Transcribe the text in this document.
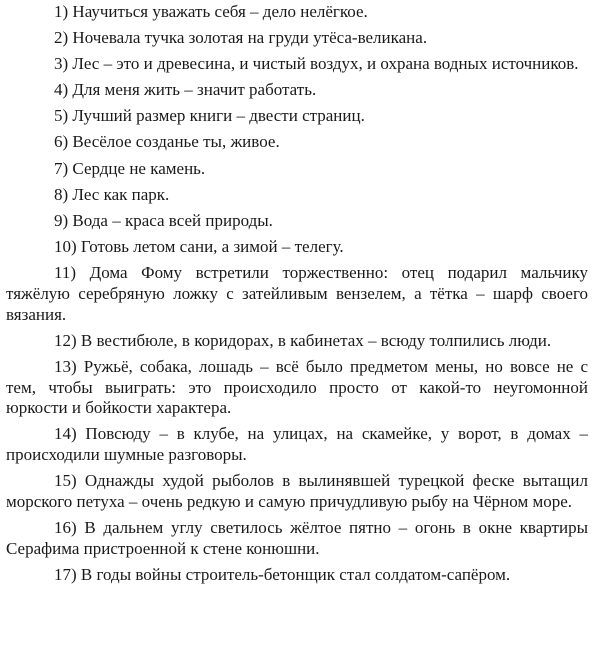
1) Научиться уважать себя – дело нелёгкое.

2) Ночевала тучка золотая на груди утёса-великана.

3) Лес – это и древесина, и чистый воздух, и охрана водных источников.

4) Для меня жить – значит работать.

5) Лучший размер книги – двести страниц.

6) Весёлое созданье ты, живое.

7) Сердце не камень.

8) Лес как парк.

9) Вода – краса всей природы.

10) Готовь летом сани, а зимой – телегу.

11) Дома Фому встретили торжественно: отец подарил мальчику тяжёлую серебряную ложку с затейливым вензелем, а тётка – шарф своего вязания.

12) В вестибюле, в коридорах, в кабинетах – всюду толпились люди.

13) Ружьё, собака, лошадь – всё было предметом мены, но вовсе не с тем, чтобы выиграть: это происходило просто от какой-то неугомонной юркости и бойкости характера.

14) Повсюду – в клубе, на улицах, на скамейке, у ворот, в домах – происходили шумные разговоры.

15) Однажды худой рыболов в вылинявшей турецкой феске вытащил морского петуха – очень редкую и самую причудливую рыбу на Чёрном море.

16) В дальнем углу светилось жёлтое пятно – огонь в окне квартиры Серафима пристроенной к стене конюшни.

17) В годы войны строитель-бетонщик стал солдатом-сапёром.
